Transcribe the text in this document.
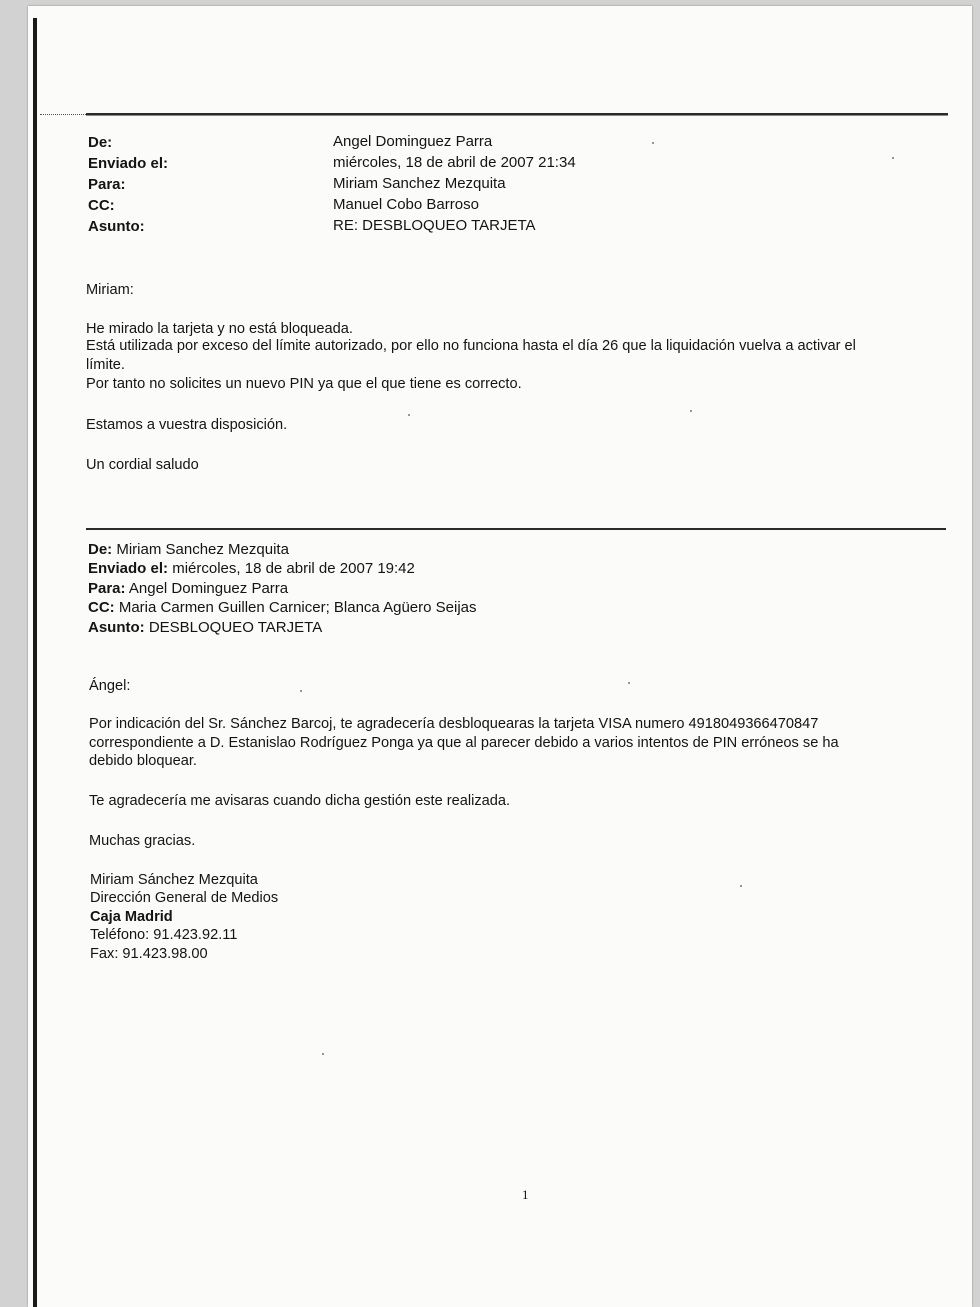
De:	Angel Dominguez Parra
Enviado el:	miércoles, 18 de abril de 2007 21:34
Para:	Miriam Sanchez Mezquita
CC:	Manuel Cobo Barroso
Asunto:	RE: DESBLOQUEO TARJETA
Miriam:
He mirado la tarjeta y no está bloqueada.
Está utilizada por exceso del límite autorizado, por ello no funciona hasta el día 26 que la liquidación vuelva a activar el
límite.
Por tanto no solicites un nuevo PIN ya que el que tiene es correcto.
Estamos a vuestra disposición.
Un cordial saludo
De: Miriam Sanchez Mezquita
Enviado el: miércoles, 18 de abril de 2007 19:42
Para: Angel Dominguez Parra
CC: Maria Carmen Guillen Carnicer; Blanca Agüero Seijas
Asunto: DESBLOQUEO TARJETA
Ángel:
Por indicación del Sr. Sánchez Barcoj, te agradecería desbloquearas la tarjeta VISA numero 4918049366470847
correspondiente a D. Estanislao Rodríguez Ponga ya que al parecer debido a varios intentos de PIN erróneos se ha
debido bloquear.
Te agradecería me avisaras cuando dicha gestión este realizada.
Muchas gracias.
Miriam Sánchez Mezquita
Dirección General de Medios
Caja Madrid
Teléfono: 91.423.92.11
Fax: 91.423.98.00
1
